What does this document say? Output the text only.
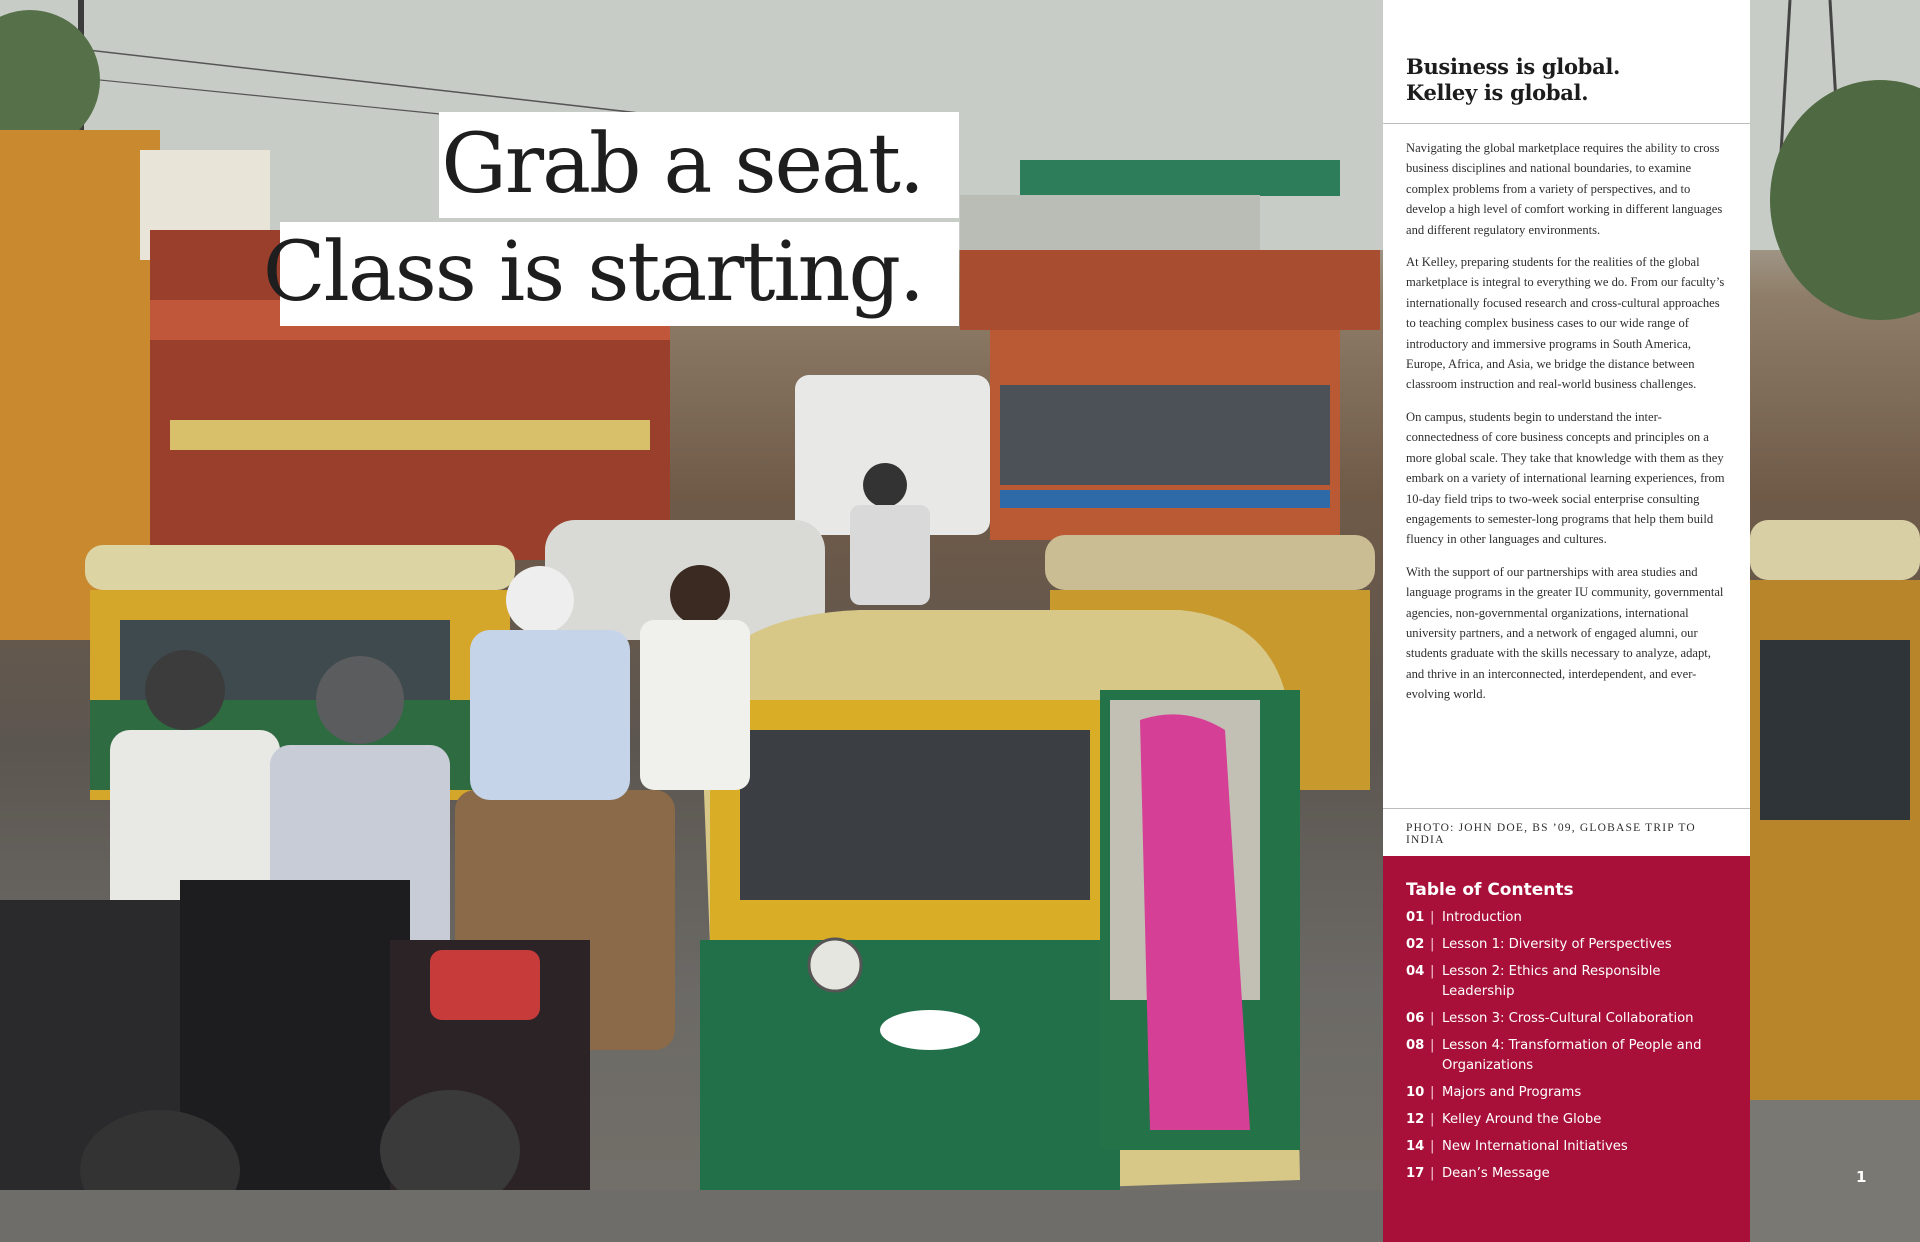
Grab a seat.
Class is starting.
Business is global.
Kelley is global.

Navigating the global marketplace requires the ability to cross business disciplines and national boundaries, to examine complex problems from a variety of perspectives, and to develop a high level of comfort working in different languages and different regulatory environments.

At Kelley, preparing students for the realities of the global marketplace is integral to everything we do. From our faculty’s internationally focused research and cross-cultural approaches to teaching complex business cases to our wide range of introductory and immersive programs in South America, Europe, Africa, and Asia, we bridge the distance between classroom instruction and real-world business challenges.

On campus, students begin to understand the inter-connectedness of core business concepts and principles on a more global scale. They take that knowledge with them as they embark on a variety of international learning experiences, from 10-day field trips to two-week social enterprise consulting engagements to semester-long programs that help them build fluency in other languages and cultures.

With the support of our partnerships with area studies and language programs in the greater IU community, governmental agencies, non-governmental organizations, international university partners, and a network of engaged alumni, our students graduate with the skills necessary to analyze, adapt, and thrive in an interconnected, interdependent, and ever-evolving world.

PHOTO: JOHN DOE, BS ’09, GLOBASE TRIP TO INDIA
Table of Contents
01 | Introduction
02 | Lesson 1: Diversity of Perspectives
04 | Lesson 2: Ethics and Responsible Leadership
06 | Lesson 3: Cross-Cultural Collaboration
08 | Lesson 4: Transformation of People and Organizations
10 | Majors and Programs
12 | Kelley Around the Globe
14 | New International Initiatives
17 | Dean’s Message	1
